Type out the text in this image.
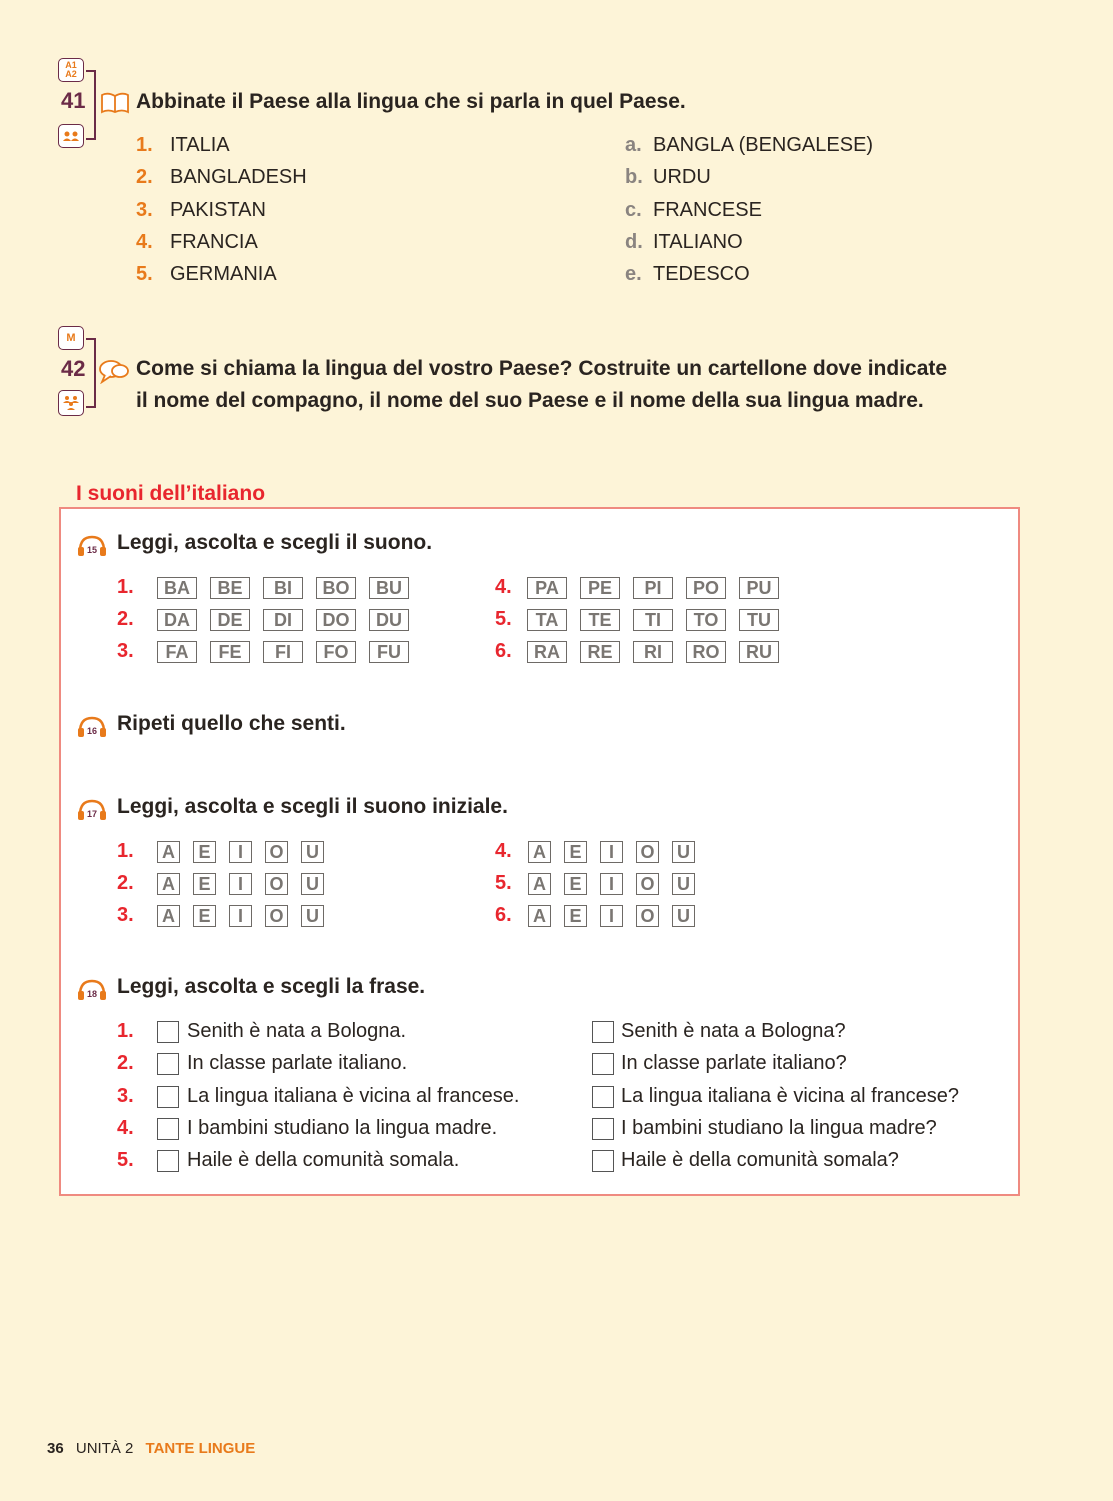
A1
A2
41 Abbinate il Paese alla lingua che si parla in quel Paese.
1. ITALIA
2. BANGLADESH
3. PAKISTAN
4. FRANCIA
5. GERMANIA
a. BANGLA (BENGALESE)
b. URDU
c. FRANCESE
d. ITALIANO
e. TEDESCO
M
42 Come si chiama la lingua del vostro Paese? Costruite un cartellone dove indicate
il nome del compagno, il nome del suo Paese e il nome della sua lingua madre.
I suoni dell’italiano
15 Leggi, ascolta e scegli il suono.
1.	BA	BE	BI	BO	BU
2.	DA	DE	DI	DO	DU
3.	FA	FE	FI	FO	FU
4.	PA	PE	PI	PO	PU
5.	TA	TE	TI	TO	TU
6.	RA	RE	RI	RO	RU
16 Ripeti quello che senti.
17 Leggi, ascolta e scegli il suono iniziale.
1. A	E	I	O U
2. A	E	I	O U
3. A	E	I	O U
4. A	E	I	O U
5. A	E	I	O U
6. A	E	I	O U
18 Leggi, ascolta e scegli la frase.
1.	Senith è nata a Bologna.	Senith è nata a Bologna?
2.	In classe parlate italiano.	In classe parlate italiano?
3.	La lingua italiana è vicina al francese.	La lingua italiana è vicina al francese?
4.	I bambini studiano la lingua madre.	I bambini studiano la lingua madre?
5.	Haile è della comunità somala.	Haile è della comunità somala?
36 UNITÀ 2 TANTE LINGUE
